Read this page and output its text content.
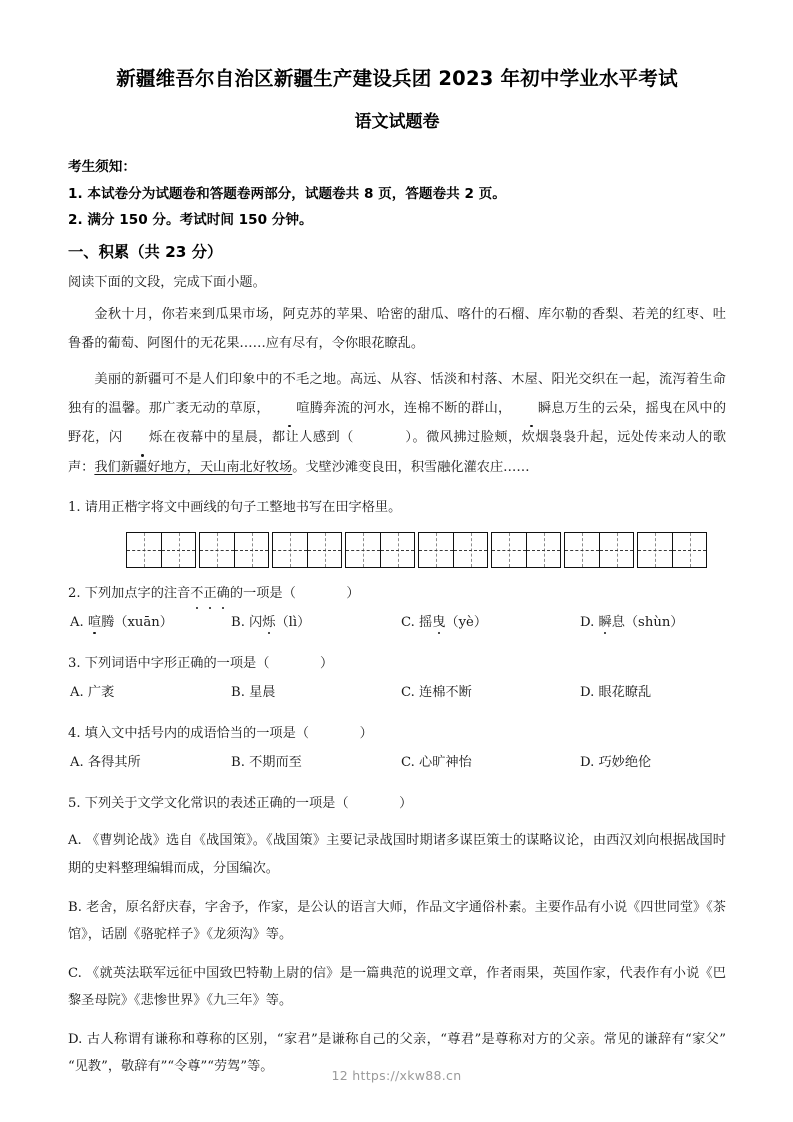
新疆维吾尔自治区新疆生产建设兵团 2023 年初中学业水平考试
语文试题卷
考生须知：
1. 本试卷分为试题卷和答题卷两部分，试题卷共 8 页，答题卷共 2 页。
2. 满分 150 分。考试时间 150 分钟。
一、积累（共 23 分）
阅读下面的文段，完成下面小题。
金秋十月，你若来到瓜果市场，阿克苏的苹果、哈密的甜瓜、喀什的石榴、库尔勒的香梨、若羌的红枣、吐鲁番的葡萄、阿图什的无花果……应有尽有，令你眼花瞭乱。
美丽的新疆可不是人们印象中的不毛之地。高远、从容、恬淡和村落、木屋、阳光交织在一起，流泻着生命独有的温馨。那广袤无动的草原， 喧腾奔流的河水，连棉不断的群山， 瞬息万生的云朵，摇曳在风中的野花，闪 烁在夜幕中的星晨，都让人感到（	）。微风拂过脸颊，炊烟袅袅升起，远处传来动人的歌声：我们新疆好地方，天山南北好牧场。戈壁沙滩变良田，积雪融化灌农庄……
1. 请用正楷字将文中画线的句子工整地书写在田字格里。
2. 下列加点字的注音不正确的一项是（	）
A. 喧腾（xuān）	B. 闪烁（lì）	C. 摇曳（yè）	D. 瞬息（shùn）
3. 下列词语中字形正确的一项是（	）
A. 广袤	B. 星晨	C. 连棉不断	D. 眼花瞭乱
4. 填入文中括号内的成语恰当的一项是（	）
A. 各得其所	B. 不期而至	C. 心旷神怡	D. 巧妙绝伦
5. 下列关于文学文化常识的表述正确的一项是（	）
A. 《曹刿论战》选自《战国策》。《战国策》主要记录战国时期诸多谋臣策士的谋略议论，由西汉刘向根据战国时期的史料整理编辑而成，分国编次。
B. 老舍，原名舒庆春，字舍予，作家，是公认的语言大师，作品文字通俗朴素。主要作品有小说《四世同堂》《茶馆》，话剧《骆驼样子》《龙须沟》等。
C. 《就英法联军远征中国致巴特勒上尉的信》是一篇典范的说理文章，作者雨果，英国作家，代表作有小说《巴黎圣母院》《悲惨世界》《九三年》等。
D. 古人称谓有谦称和尊称的区别，“家君”是谦称自己的父亲，“尊君”是尊称对方的父亲。常见的谦辞有“家父”“见教”，敬辞有”“令尊”“劳驾”等。
12 https://xkw88.cn
